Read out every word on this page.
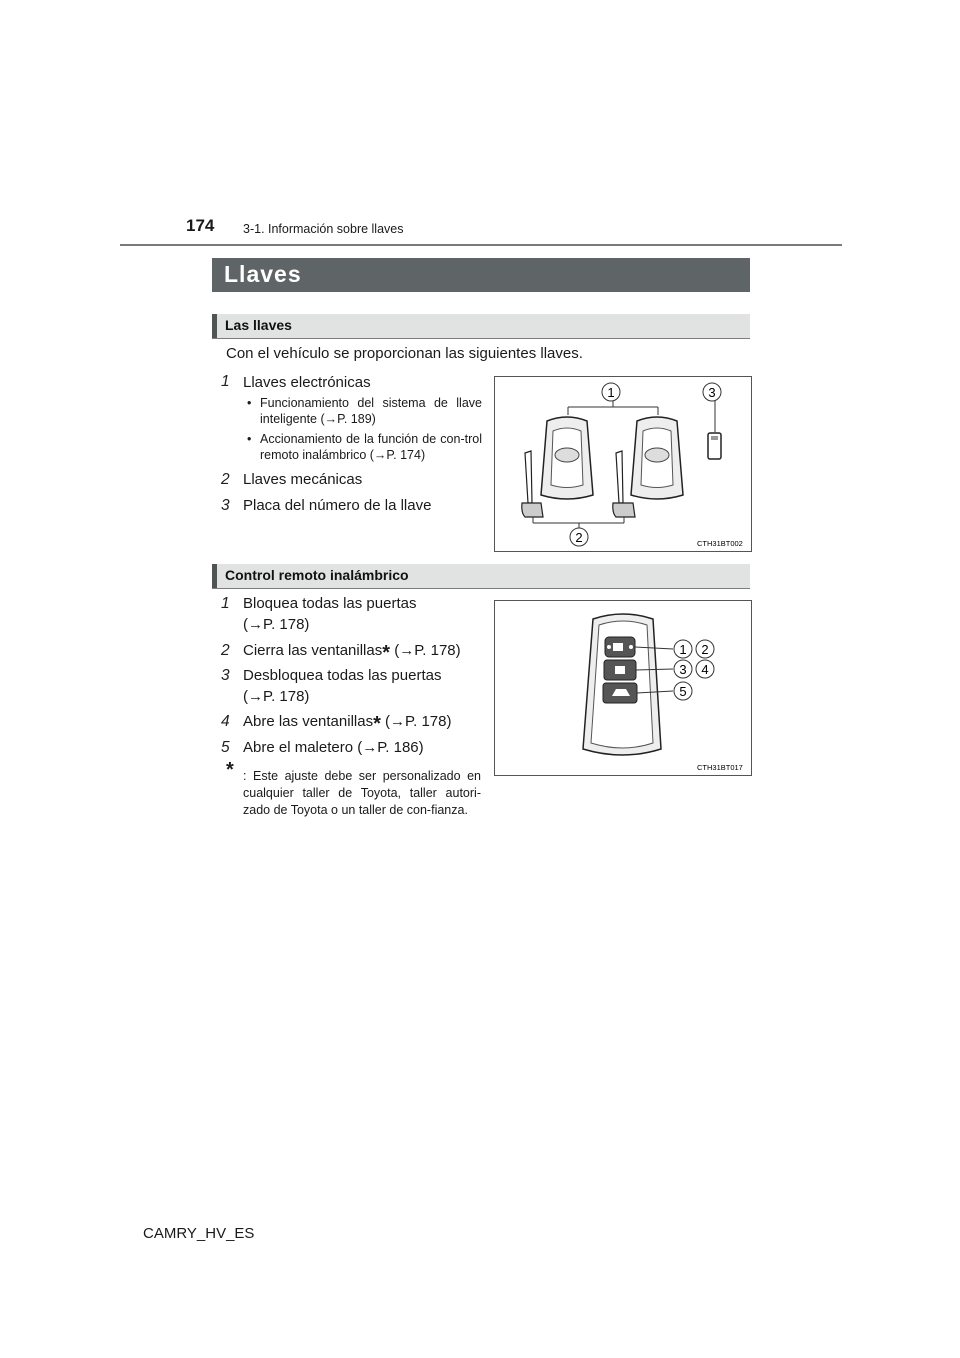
174 3-1. Información sobre llaves
Llaves
Las llaves
Con el vehículo se proporcionan las siguientes llaves.
1 Llaves electrónicas
• Funcionamiento del sistema de llave inteligente (→P. 189)
• Accionamiento de la función de con-trol remoto inalámbrico (→P. 174)
2 Llaves mecánicas
3 Placa del número de la llave
1	3
2	CTH31BT002
Control remoto inalámbrico
1 Bloquea todas las puertas
(→P. 178)
2 Cierra las ventanillas* (→P. 178)
3 Desbloquea todas las puertas
(→P. 178)
4 Abre las ventanillas* (→P. 178)
5 Abre el maletero (→P. 186)
* : Este ajuste debe ser personalizado en cualquier taller de Toyota, taller autori-zado de Toyota o un taller de con-fianza.
1 2
3 4
5
CTH31BT017
CAMRY_HV_ES
